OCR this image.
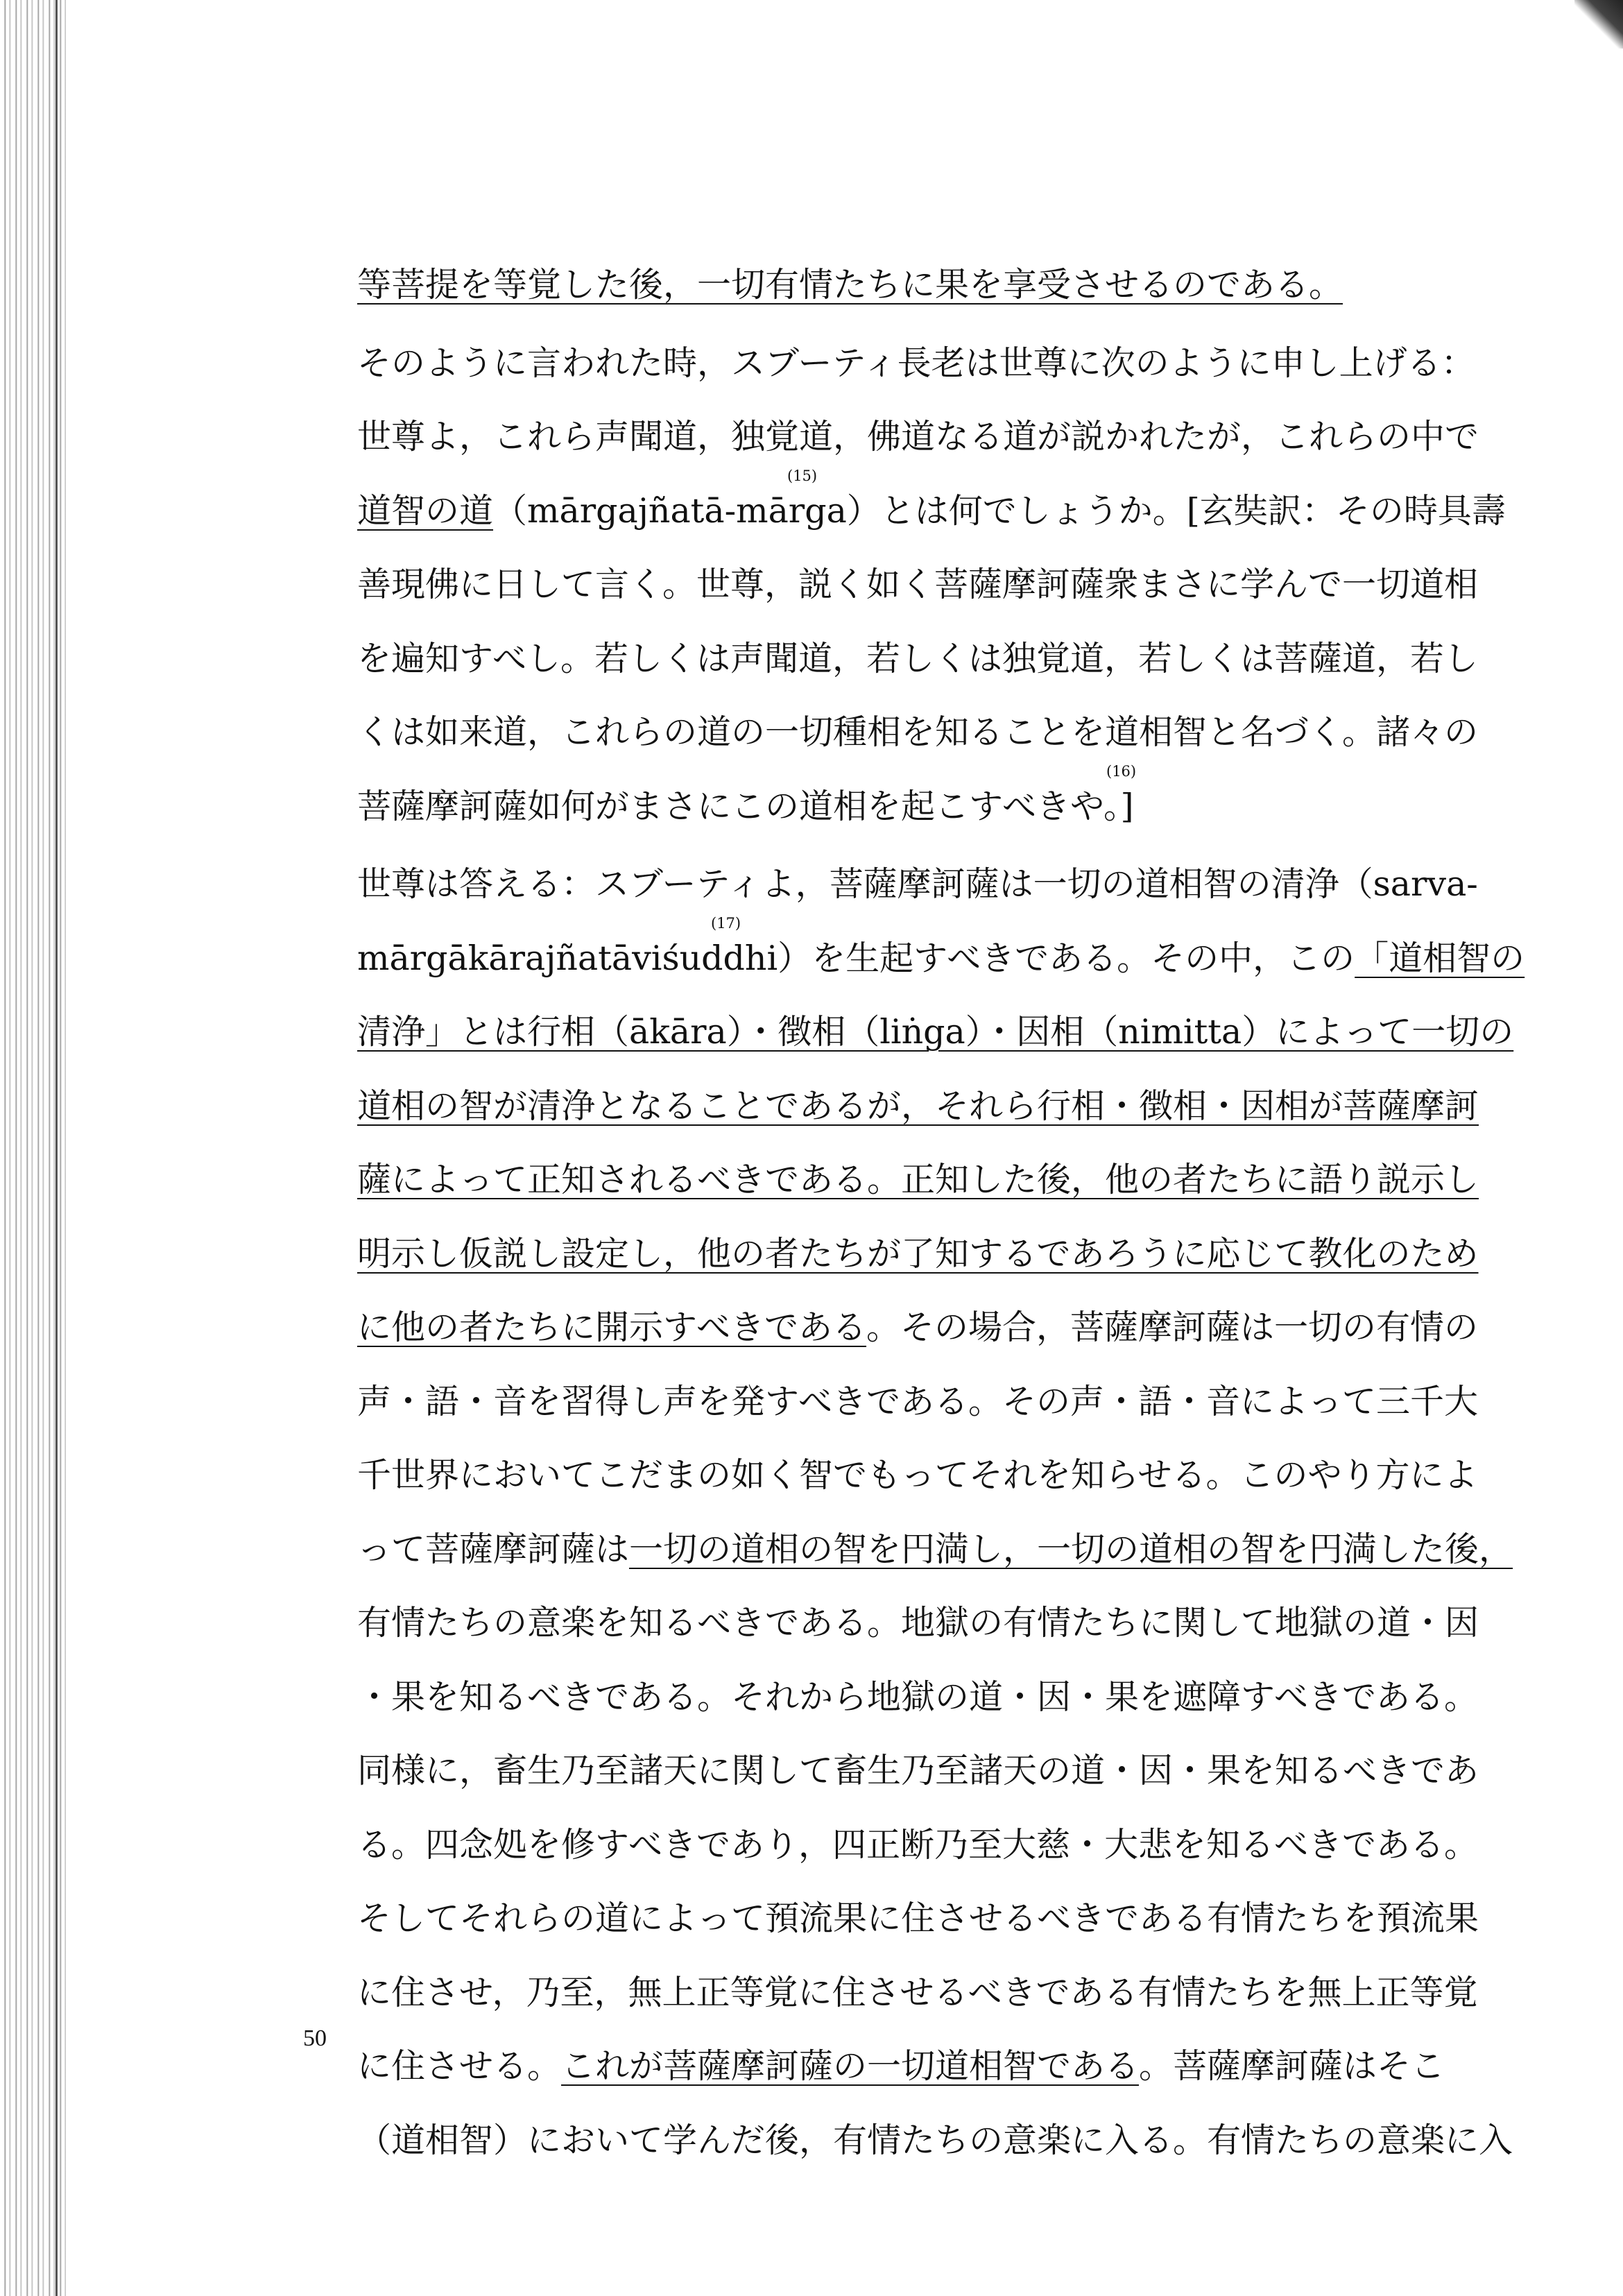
等菩提を等覚した後，一切有情たちに果を享受させるのである。
そのように言われた時，スブーティ長老は世尊に次のように申し上げる：
世尊よ，これら声聞道，独覚道，佛道なる道が説かれたが，これらの中で
道智の道（mārgajñatā-mārga）とは何でしょうか。[玄奘訳：その時具壽
(15)
善現佛に日して言く。世尊，説く如く菩薩摩訶薩衆まさに学んで一切道相
を遍知すべし。若しくは声聞道，若しくは独覚道，若しくは菩薩道，若し
くは如来道，これらの道の一切種相を知ることを道相智と名づく。諸々の
菩薩摩訶薩如何がまさにこの道相を起こすべきや。]
(16)
世尊は答える：スブーティよ，菩薩摩訶薩は一切の道相智の清浄（sarva-
mārgākārajñatāviśuddhi）を生起すべきである。その中，この「道相智の
(17)
清浄」とは行相（ākāra）・徴相（liṅga）・因相（nimitta）によって一切の
道相の智が清浄となることであるが，それら行相・徴相・因相が菩薩摩訶
薩によって正知されるべきである。正知した後，他の者たちに語り説示し
明示し仮説し設定し，他の者たちが了知するであろうに応じて教化のため
に他の者たちに開示すべきである。その場合，菩薩摩訶薩は一切の有情の
声・語・音を習得し声を発すべきである。その声・語・音によって三千大
千世界においてこだまの如く智でもってそれを知らせる。このやり方によ
って菩薩摩訶薩は一切の道相の智を円満し，一切の道相の智を円満した後，
有情たちの意楽を知るべきである。地獄の有情たちに関して地獄の道・因
・果を知るべきである。それから地獄の道・因・果を遮障すべきである。
同様に，畜生乃至諸天に関して畜生乃至諸天の道・因・果を知るべきであ
る。四念処を修すべきであり，四正断乃至大慈・大悲を知るべきである。
そしてそれらの道によって預流果に住させるべきである有情たちを預流果
に住させ，乃至，無上正等覚に住させるべきである有情たちを無上正等覚
に住させる。これが菩薩摩訶薩の一切道相智である。菩薩摩訶薩はそこ
（道相智）において学んだ後，有情たちの意楽に入る。有情たちの意楽に入
50
